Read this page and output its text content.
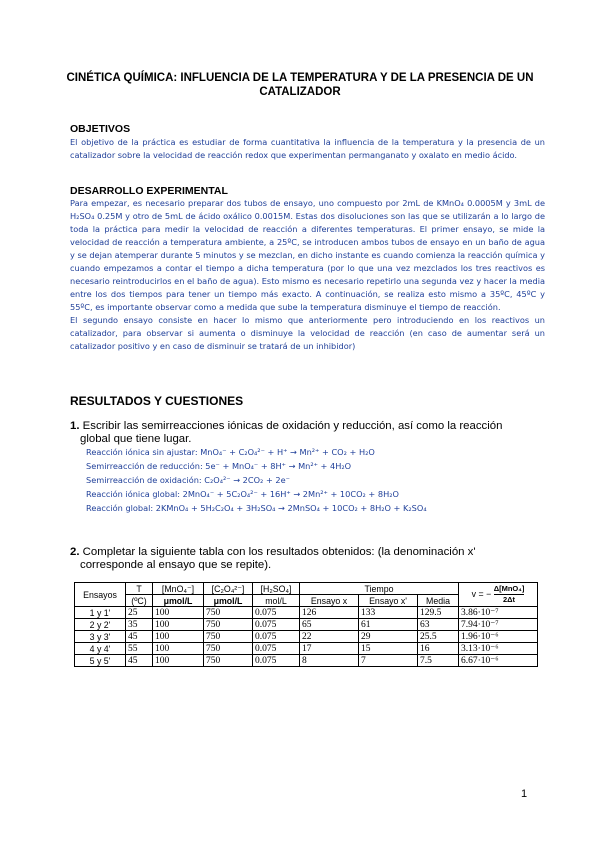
CINÉTICA QUÍMICA: INFLUENCIA DE LA TEMPERATURA Y DE LA PRESENCIA DE UN
CATALIZADOR
OBJETIVOS

El objetivo de la práctica es estudiar de forma cuantitativa la influencia de la temperatura y la presencia de un catalizador sobre la velocidad de reacción redox que experimentan permanganato y oxalato en medio ácido.

DESARROLLO EXPERIMENTAL

Para empezar, es necesario preparar dos tubos de ensayo, uno compuesto por 2mL de KMnO₄ 0.0005M y 3mL de H₂SO₄ 0.25M y otro de 5mL de ácido oxálico 0.0015M. Estas dos disoluciones son las que se utilizarán a lo largo de toda la práctica para medir la velocidad de reacción a diferentes temperaturas. El primer ensayo, se mide la velocidad de reacción a temperatura ambiente, a 25ºC, se introducen ambos tubos de ensayo en un baño de agua y se dejan atemperar durante 5 minutos y se mezclan, en dicho instante es cuando comienza la reacción química y cuando empezamos a contar el tiempo a dicha temperatura (por lo que una vez mezclados los tres reactivos es necesario reintroducirlos en el baño de agua). Esto mismo es necesario repetirlo una segunda vez y hacer la media entre los dos tiempos para tener un tiempo más exacto. A continuación, se realiza esto mismo a 35ºC, 45ºC y 55ºC, es importante observar como a medida que sube la temperatura disminuye el tiempo de reacción.

El segundo ensayo consiste en hacer lo mismo que anteriormente pero introduciendo en los reactivos un catalizador, para observar si aumenta o disminuye la velocidad de reacción (en caso de aumentar será un catalizador positivo y en caso de disminuir se tratará de un inhibidor)

RESULTADOS Y CUESTIONES
1. Escribir las semirreacciones iónicas de oxidación y reducción, así como la reacción
global que tiene lugar.
Reacción iónica sin ajustar: MnO₄⁻ + C₂O₄²⁻ + H⁺ → Mn²⁺ + CO₂ + H₂O
Semirreacción de reducción: 5e⁻ + MnO₄⁻ + 8H⁺ → Mn²⁺ + 4H₂O
Semirreacción de oxidación: C₂O₄²⁻ → 2CO₂ + 2e⁻
Reacción iónica global: 2MnO₄⁻ + 5C₂O₄²⁻ + 16H⁺ → 2Mn²⁺ + 10CO₂ + 8H₂O
Reacción global: 2KMnO₄ + 5H₂C₂O₄ + 3H₂SO₄ → 2MnSO₄ + 10CO₂ + 8H₂O + K₂SO₄
2. Completar la siguiente tabla con los resultados obtenidos: (la denominación x'
corresponde al ensayo que se repite).
Ensayos	T	[MnO₄⁻]	[C₂O₄²⁻]	[H₂SO₄]	Tiempo			v = −
Δ[MnO₄]
2Δt

	(ºC)	μmol/L	μmol/L	mol/L	Ensayo x	Ensayo x'	Media	
1 y 1'	25	100	750	0.075	126	133	129.5	3.86·10⁻⁷
2 y 2'	35	100	750	0.075	65	61	63	7.94·10⁻⁷
3 y 3'	45	100	750	0.075	22	29	25.5	1.96·10⁻⁶
4 y 4'	55	100	750	0.075	17	15	16	3.13·10⁻⁶
5 y 5'	45	100	750	0.075	8	7	7.5	6.67·10⁻⁶
1
